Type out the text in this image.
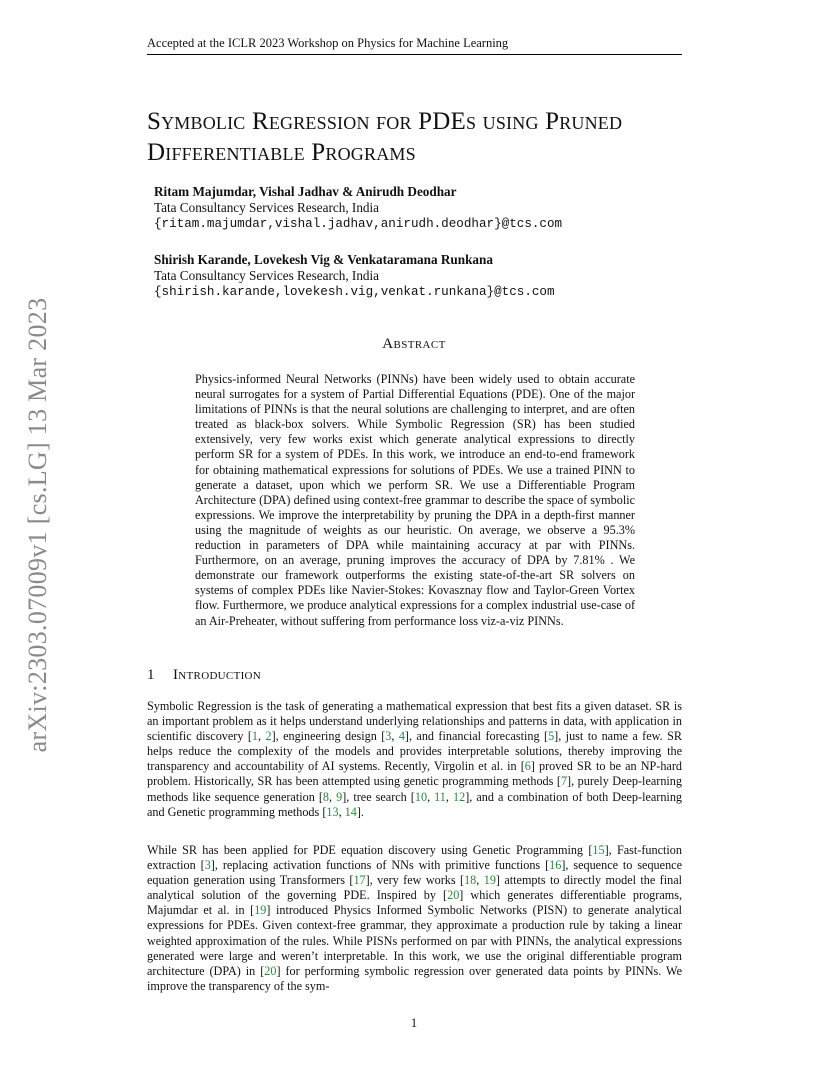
Accepted at the ICLR 2023 Workshop on Physics for Machine Learning
arXiv:2303.07009v1 [cs.LG] 13 Mar 2023
Symbolic Regression for PDEs using Pruned
Differentiable Programs
Ritam Majumdar, Vishal Jadhav & Anirudh Deodhar
Tata Consultancy Services Research, India
{ritam.majumdar,vishal.jadhav,anirudh.deodhar}@tcs.com
Shirish Karande, Lovekesh Vig & Venkataramana Runkana
Tata Consultancy Services Research, India
{shirish.karande,lovekesh.vig,venkat.runkana}@tcs.com
Abstract
Physics-informed Neural Networks (PINNs) have been widely used to obtain accurate neural surrogates for a system of Partial Differential Equations (PDE). One of the major limitations of PINNs is that the neural solutions are challenging to interpret, and are often treated as black-box solvers. While Symbolic Regression (SR) has been studied extensively, very few works exist which generate analytical expressions to directly perform SR for a system of PDEs. In this work, we introduce an end-to-end framework for obtaining mathematical expressions for solutions of PDEs. We use a trained PINN to generate a dataset, upon which we perform SR. We use a Differentiable Program Architecture (DPA) defined using context-free grammar to describe the space of symbolic expressions. We improve the interpretability by pruning the DPA in a depth-first manner using the magnitude of weights as our heuristic. On average, we observe a 95.3% reduction in parameters of DPA while maintaining accuracy at par with PINNs. Furthermore, on an average, pruning improves the accuracy of DPA by 7.81% . We demonstrate our framework outperforms the existing state-of-the-art SR solvers on systems of complex PDEs like Navier-Stokes: Kovasznay flow and Taylor-Green Vortex flow. Furthermore, we produce analytical expressions for a complex industrial use-case of an Air-Preheater, without suffering from performance loss viz-a-viz PINNs.
1 Introduction
Symbolic Regression is the task of generating a mathematical expression that best fits a given dataset. SR is an important problem as it helps understand underlying relationships and patterns in data, with application in scientific discovery [1, 2], engineering design [3, 4], and financial forecasting [5], just to name a few. SR helps reduce the complexity of the models and provides interpretable solutions, thereby improving the transparency and accountability of AI systems. Recently, Virgolin et al. in [6] proved SR to be an NP-hard problem. Historically, SR has been attempted using genetic programming methods [7], purely Deep-learning methods like sequence generation [8, 9], tree search [10, 11, 12], and a combination of both Deep-learning and Genetic programming methods [13, 14].
While SR has been applied for PDE equation discovery using Genetic Programming [15], Fast-function extraction [3], replacing activation functions of NNs with primitive functions [16], sequence to sequence equation generation using Transformers [17], very few works [18, 19] attempts to directly model the final analytical solution of the governing PDE. Inspired by [20] which generates differentiable programs, Majumdar et al. in [19] introduced Physics Informed Symbolic Networks (PISN) to generate analytical expressions for PDEs. Given context-free grammar, they approximate a production rule by taking a linear weighted approximation of the rules. While PISNs performed on par with PINNs, the analytical expressions generated were large and weren’t interpretable. In this work, we use the original differentiable program architecture (DPA) in [20] for performing symbolic regression over generated data points by PINNs. We improve the transparency of the sym-
1
